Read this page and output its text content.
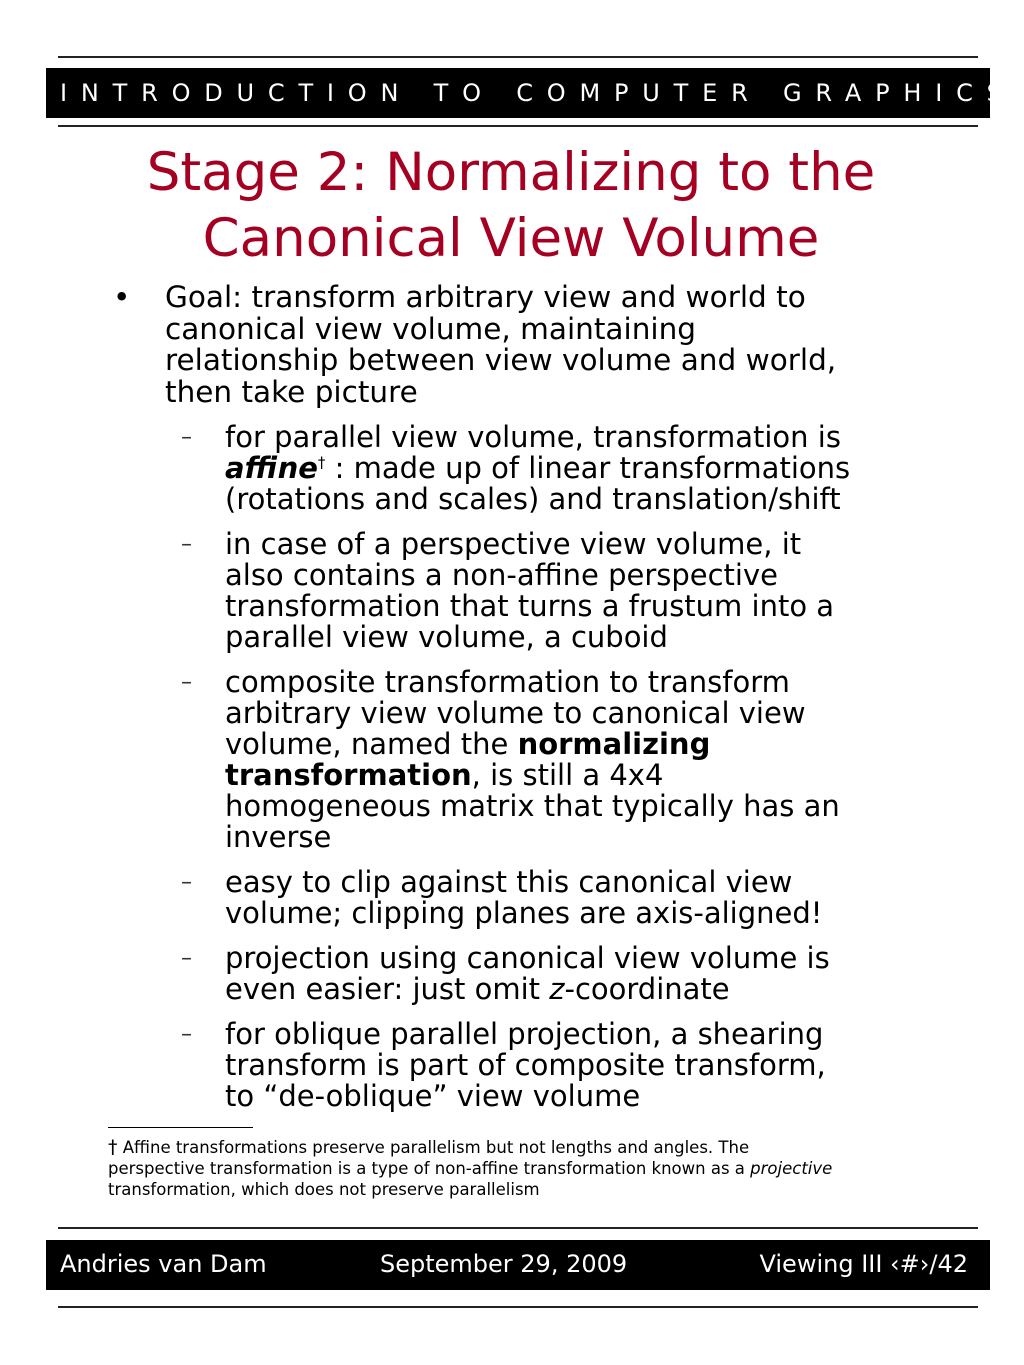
INTRODUCTION TO COMPUTER GRAPHICS
Stage 2: Normalizing to the
Canonical View Volume
• Goal: transform arbitrary view and world to
canonical view volume, maintaining
relationship between view volume and world,
then take picture
– for parallel view volume, transformation is
affine† : made up of linear transformations
(rotations and scales) and translation/shift
– in case of a perspective view volume, it
also contains a non-affine perspective
transformation that turns a frustum into a
parallel view volume, a cuboid
– composite transformation to transform
arbitrary view volume to canonical view
volume, named the normalizing
transformation, is still a 4x4
homogeneous matrix that typically has an
inverse
– easy to clip against this canonical view
volume; clipping planes are axis-aligned!
– projection using canonical view volume is
even easier: just omit z-coordinate
– for oblique parallel projection, a shearing
transform is part of composite transform,
to “de-oblique” view volume
† Affine transformations preserve parallelism but not lengths and angles. The
perspective transformation is a type of non-affine transformation known as a projective
transformation, which does not preserve parallelism
Andries van Dam	September 29, 2009	Viewing III ‹#›/42
